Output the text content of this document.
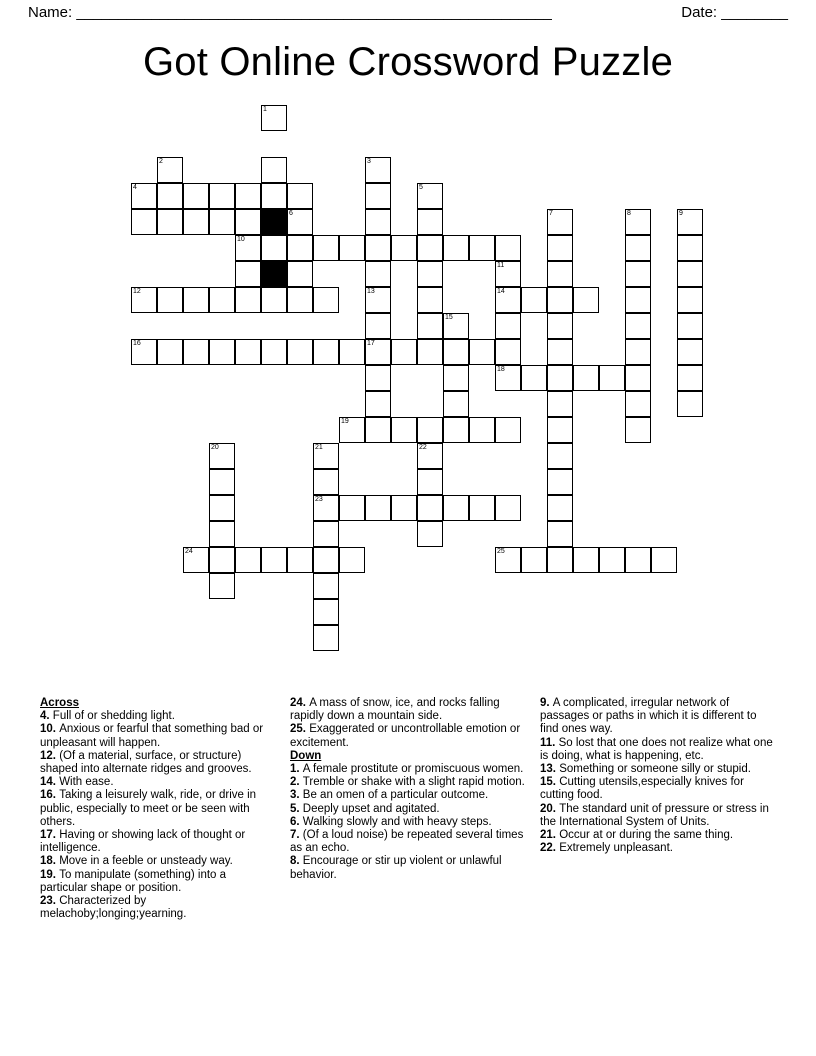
Name: _________________________________________________________	Date: ________
Got Online Crossword Puzzle
1
2	3
4	5
6	7	8	9
10
11
12	13	14
15
16	17
18
19
20	21	22
23
24	25
Across

4. Full of or shedding light.

10. Anxious or fearful that something bad or unpleasant will happen.

12. (Of a material, surface, or structure) shaped into alternate ridges and grooves.

14. With ease.

16. Taking a leisurely walk, ride, or drive in public, especially to meet or be seen with others.

17. Having or showing lack of thought or intelligence.

18. Move in a feeble or unsteady way.

19. To manipulate (something) into a particular shape or position.

23. Characterized by melachoby;longing;yearning.

24. A mass of snow, ice, and rocks falling rapidly down a mountain side.

25. Exaggerated or uncontrollable emotion or excitement.

Down

1. A female prostitute or promiscuous women.

2. Tremble or shake with a slight rapid motion.

3. Be an omen of a particular outcome.

5. Deeply upset and agitated.

6. Walking slowly and with heavy steps.

7. (Of a loud noise) be repeated several times as an echo.

8. Encourage or stir up violent or unlawful behavior.

9. A complicated, irregular network of passages or paths in which it is different to find ones way.

11. So lost that one does not realize what one is doing, what is happening, etc.

13. Something or someone silly or stupid.

15. Cutting utensils,especially knives for cutting food.

20. The standard unit of pressure or stress in the International System of Units.

21. Occur at or during the same thing.

22. Extremely unpleasant.
